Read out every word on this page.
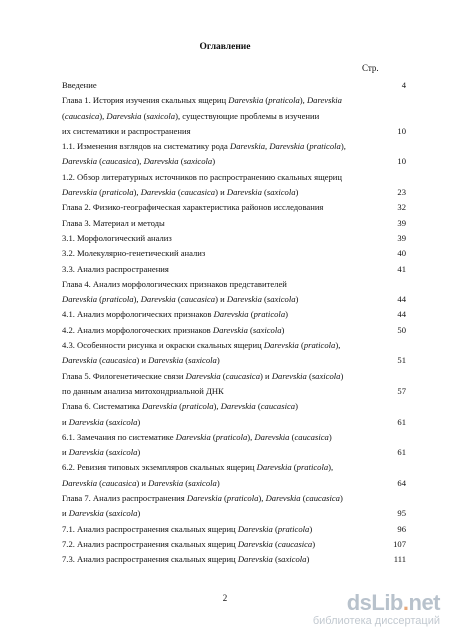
Оглавление
Стр.
Введение	4
Глава 1. История изучения скальных ящериц Darevskia (praticola), Darevskia
(caucasica), Darevskia (saxicola), существующие проблемы в изучении
их систематики и распространения	10
1.1. Изменения взглядов на систематику рода Darevskia, Darevskia (praticola),
Darevskia (caucasica), Darevskia (saxicola)	10
1.2. Обзор литературных источников по распространению скальных ящериц
Darevskia (praticola), Darevskia (caucasica) и Darevskia (saxicola)	23
Глава 2. Физико-географическая характеристика районов исследования	32
Глава 3. Материал и методы	39
3.1. Морфологический анализ	39
3.2. Молекулярно-генетический анализ	40
3.3. Анализ распространения	41
Глава 4. Анализ морфологических признаков представителей
Darevskia (praticola), Darevskia (caucasica) и Darevskia (saxicola)	44
4.1. Анализ морфологических признаков Darevskia (praticola)	44
4.2. Анализ морфологоческих признаков Darevskia (saxicola)	50
4.3. Особенности рисунка и окраски скальных ящериц Darevskia (praticola),
Darevskia (caucasica) и Darevskia (saxicola)	51
Глава 5. Филогенетические связи Darevskia (caucasica) и Darevskia (saxicola)
по данным анализа митохондриальной ДНК	57
Глава 6. Систематика Darevskia (praticola), Darevskia (caucasica)
и Darevskia (saxicola)	61
6.1. Замечания по систематике Darevskia (praticola), Darevskia (caucasica)
и Darevskia (saxicola)	61
6.2. Ревизия типовых экземпляров скальных ящериц Darevskia (praticola),
Darevskia (caucasica) и Darevskia (saxicola)	64
Глава 7. Анализ распространения Darevskia (praticola), Darevskia (caucasica)
и Darevskia (saxicola)	95
7.1. Анализ распространения скальных ящериц Darevskia (praticola)	96
7.2. Анализ распространения скальных ящериц Darevskia (caucasica)	107
7.3. Анализ распространения скальных ящериц Darevskia (saxicola)	111
2	dsLib.net
библиотека диссертаций
